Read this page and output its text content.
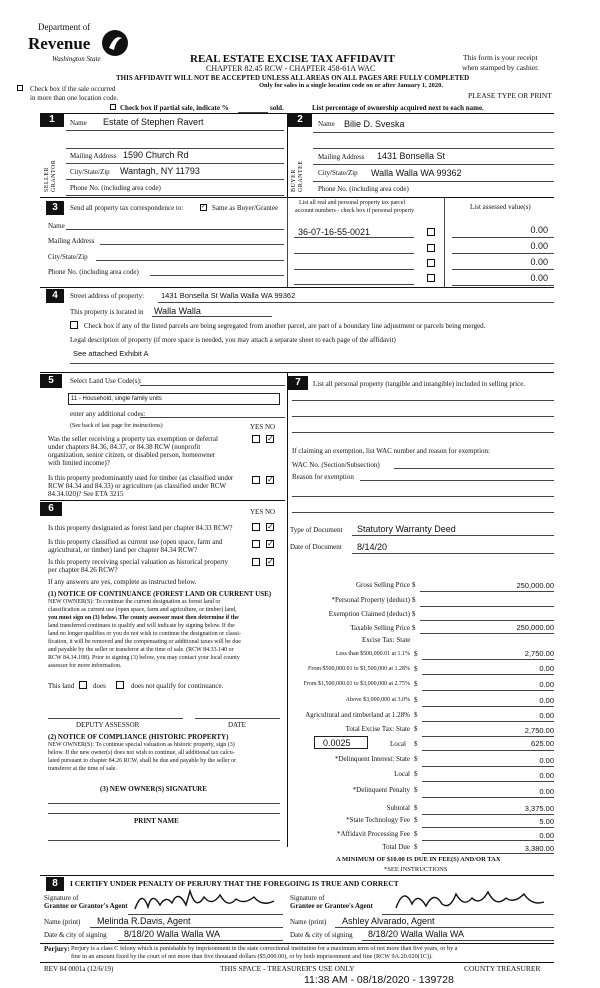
Department of
Revenue
Washington State	REAL ESTATE EXCISE TAX AFFIDAVIT
CHAPTER 82.45 RCW - CHAPTER 458-61A WAC
This form is your receipt
when stamped by cashier.
THIS AFFIDAVIT WILL NOT BE ACCEPTED UNLESS ALL AREAS ON ALL PAGES ARE FULLY COMPLETED
Only for sales in a single location code on or after January 1, 2020.
Check box if the sale occurred
in more than one location code.	PLEASE TYPE OR PRINT
Check box if partial sale, indicate %	sold.	List percentage of ownership acquired next to each name.
1
SELLER GRANTOR
Name Estate of Stephen Ravert
Mailing Address 1590 Church Rd
City/State/Zip Wantagh, NY 11793
Phone No. (including area code)
2
BUYER GRANTEE
Name Bilie D. Sveska
Mailing Address 1431 Bonsella St
City/State/Zip Walla Walla WA 99362
Phone No. (including area code)
3	Send all property tax correspondence to:	✓ Same as Buyer/Grantee
List all real and personal property tax parcel
account numbers - check box if personal property	List assessed value(s)
Name
Mailing Address
City/State/Zip
Phone No. (including area code)
36-07-16-55-0021	0.00
0.00
0.00
0.00
4	Street address of property: 1431 Bonsella St Walla Walla WA 99362
This property is located in Walla Walla
Check box if any of the listed parcels are being segregated from another parcel, are part of a boundary line adjustment or parcels being merged.
Legal description of property (if more space is needed, you may attach a separate sheet to each page of the affidavit)
See attached Exhibit A
5	Select Land Use Code(s):
11 - Household, single family units
enter any additional codes:
(See back of last page for instructions)	YES NO
Was the seller receiving a property tax exemption or deferral
under chapters 84.36, 84.37, or 84.38 RCW (nonprofit
organization, senior citizen, or disabled person, homeowner
with limited income)?
✓
Is this property predominantly used for timber (as classified under
RCW 84.34 and 84.33) or agriculture (as classified under RCW
84.34.020)? See ETA 3215
✓
6	YES NO
Is this property designated as forest land per chapter 84.33 RCW?	✓
Is this property classified as current use (open space, farm and
agricultural, or timber) land per chapter 84.34 RCW?
✓
Is this property receiving special valuation as historical property
per chapter 84.26 RCW?
✓
If any answers are yes, complete as instructed below.
(1) NOTICE OF CONTINUANCE (FOREST LAND OR CURRENT USE)
NEW OWNER(S): To continue the current designation as forest land or
classification as current use (open space, farm and agriculture, or timber) land,
you must sign on (3) below. The county assessor must then determine if the
land transferred continues to qualify and will indicate by signing below. If the
land no longer qualifies or you do not wish to continue the designation or classi-
fication, it will be removed and the compensating or additional taxes will be due
and payable by the seller or transferor at the time of sale. (RCW 84.33.140 or
RCW 84.34.108). Prior to signing (3) below, you may contact your local county
assessor for more information.
This land	does	does not qualify for continuance.
DEPUTY ASSESSOR	DATE
(2) NOTICE OF COMPLIANCE (HISTORIC PROPERTY)
NEW OWNER(S): To continue special valuation as historic property, sign (3)
below. If the new owner(s) does not wish to continue, all additional tax calcu-
lated pursuant to chapter 84.26 RCW, shall be due and payable by the seller or
transferor at the time of sale.
(3) NEW OWNER(S) SIGNATURE
PRINT NAME
7	List all personal property (tangible and intangible) included in selling price.
If claiming an exemption, list WAC number and reason for exemption:
WAC No. (Section/Subsection)
Reason for exemption
Type of Document Statutory Warranty Deed
Date of Document 8/14/20
Gross Selling Price $	250,000.00
*Personal Property (deduct) $
Exemption Claimed (deduct) $
Taxable Selling Price $	250,000.00
Excise Tax: State
Less than $500,000.01 at 1.1% $	2,750.00
From $500,000.01 to $1,500,000 at 1.28% $	0.00
From $1,500,000.01 to $3,000,000 at 2.75% $	0.00
Above $3,000,000 at 3.0% $	0.00
Agricultural and timberland at 1.28% $	0.00
Total Excise Tax: State $	2,750.00
0.0025	Local $	625.00
*Delinquent Interest: State $	0.00
Local $	0.00
*Delinquent Penalty $	0.00
Subtotal $	3,375.00
*State Technology Fee $	5.00
*Affidavit Processing Fee $	0.00
Total Due $	3,380.00
A MINIMUM OF $10.00 IS DUE IN FEE(S) AND/OR TAX
*SEE INSTRUCTIONS
8	I CERTIFY UNDER PENALTY OF PERJURY THAT THE FOREGOING IS TRUE AND CORRECT
Signature of
Grantor or Grantor's Agent
Signature of
Grantee or Grantee's Agent
Name (print) Melinda R.Davis, Agent	Name (print) Ashley Alvarado, Agent
Date & city of signing 8/18/20 Walla Walla WA	Date & city of signing 8/18/20 Walla Walla WA
Perjury: Perjury is a class C felony which is punishable by imprisonment in the state correctional institution for a maximum term of not more than five years, or by a
fine in an amount fixed by the court of not more than five thousand dollars ($5,000.00), or by both imprisonment and fine (RCW 9A.20.020(1C)).
REV 84 0001a (12/6/19)	THIS SPACE - TREASURER'S USE ONLY	COUNTY TREASURER
11:38 AM - 08/18/2020 - 139728
